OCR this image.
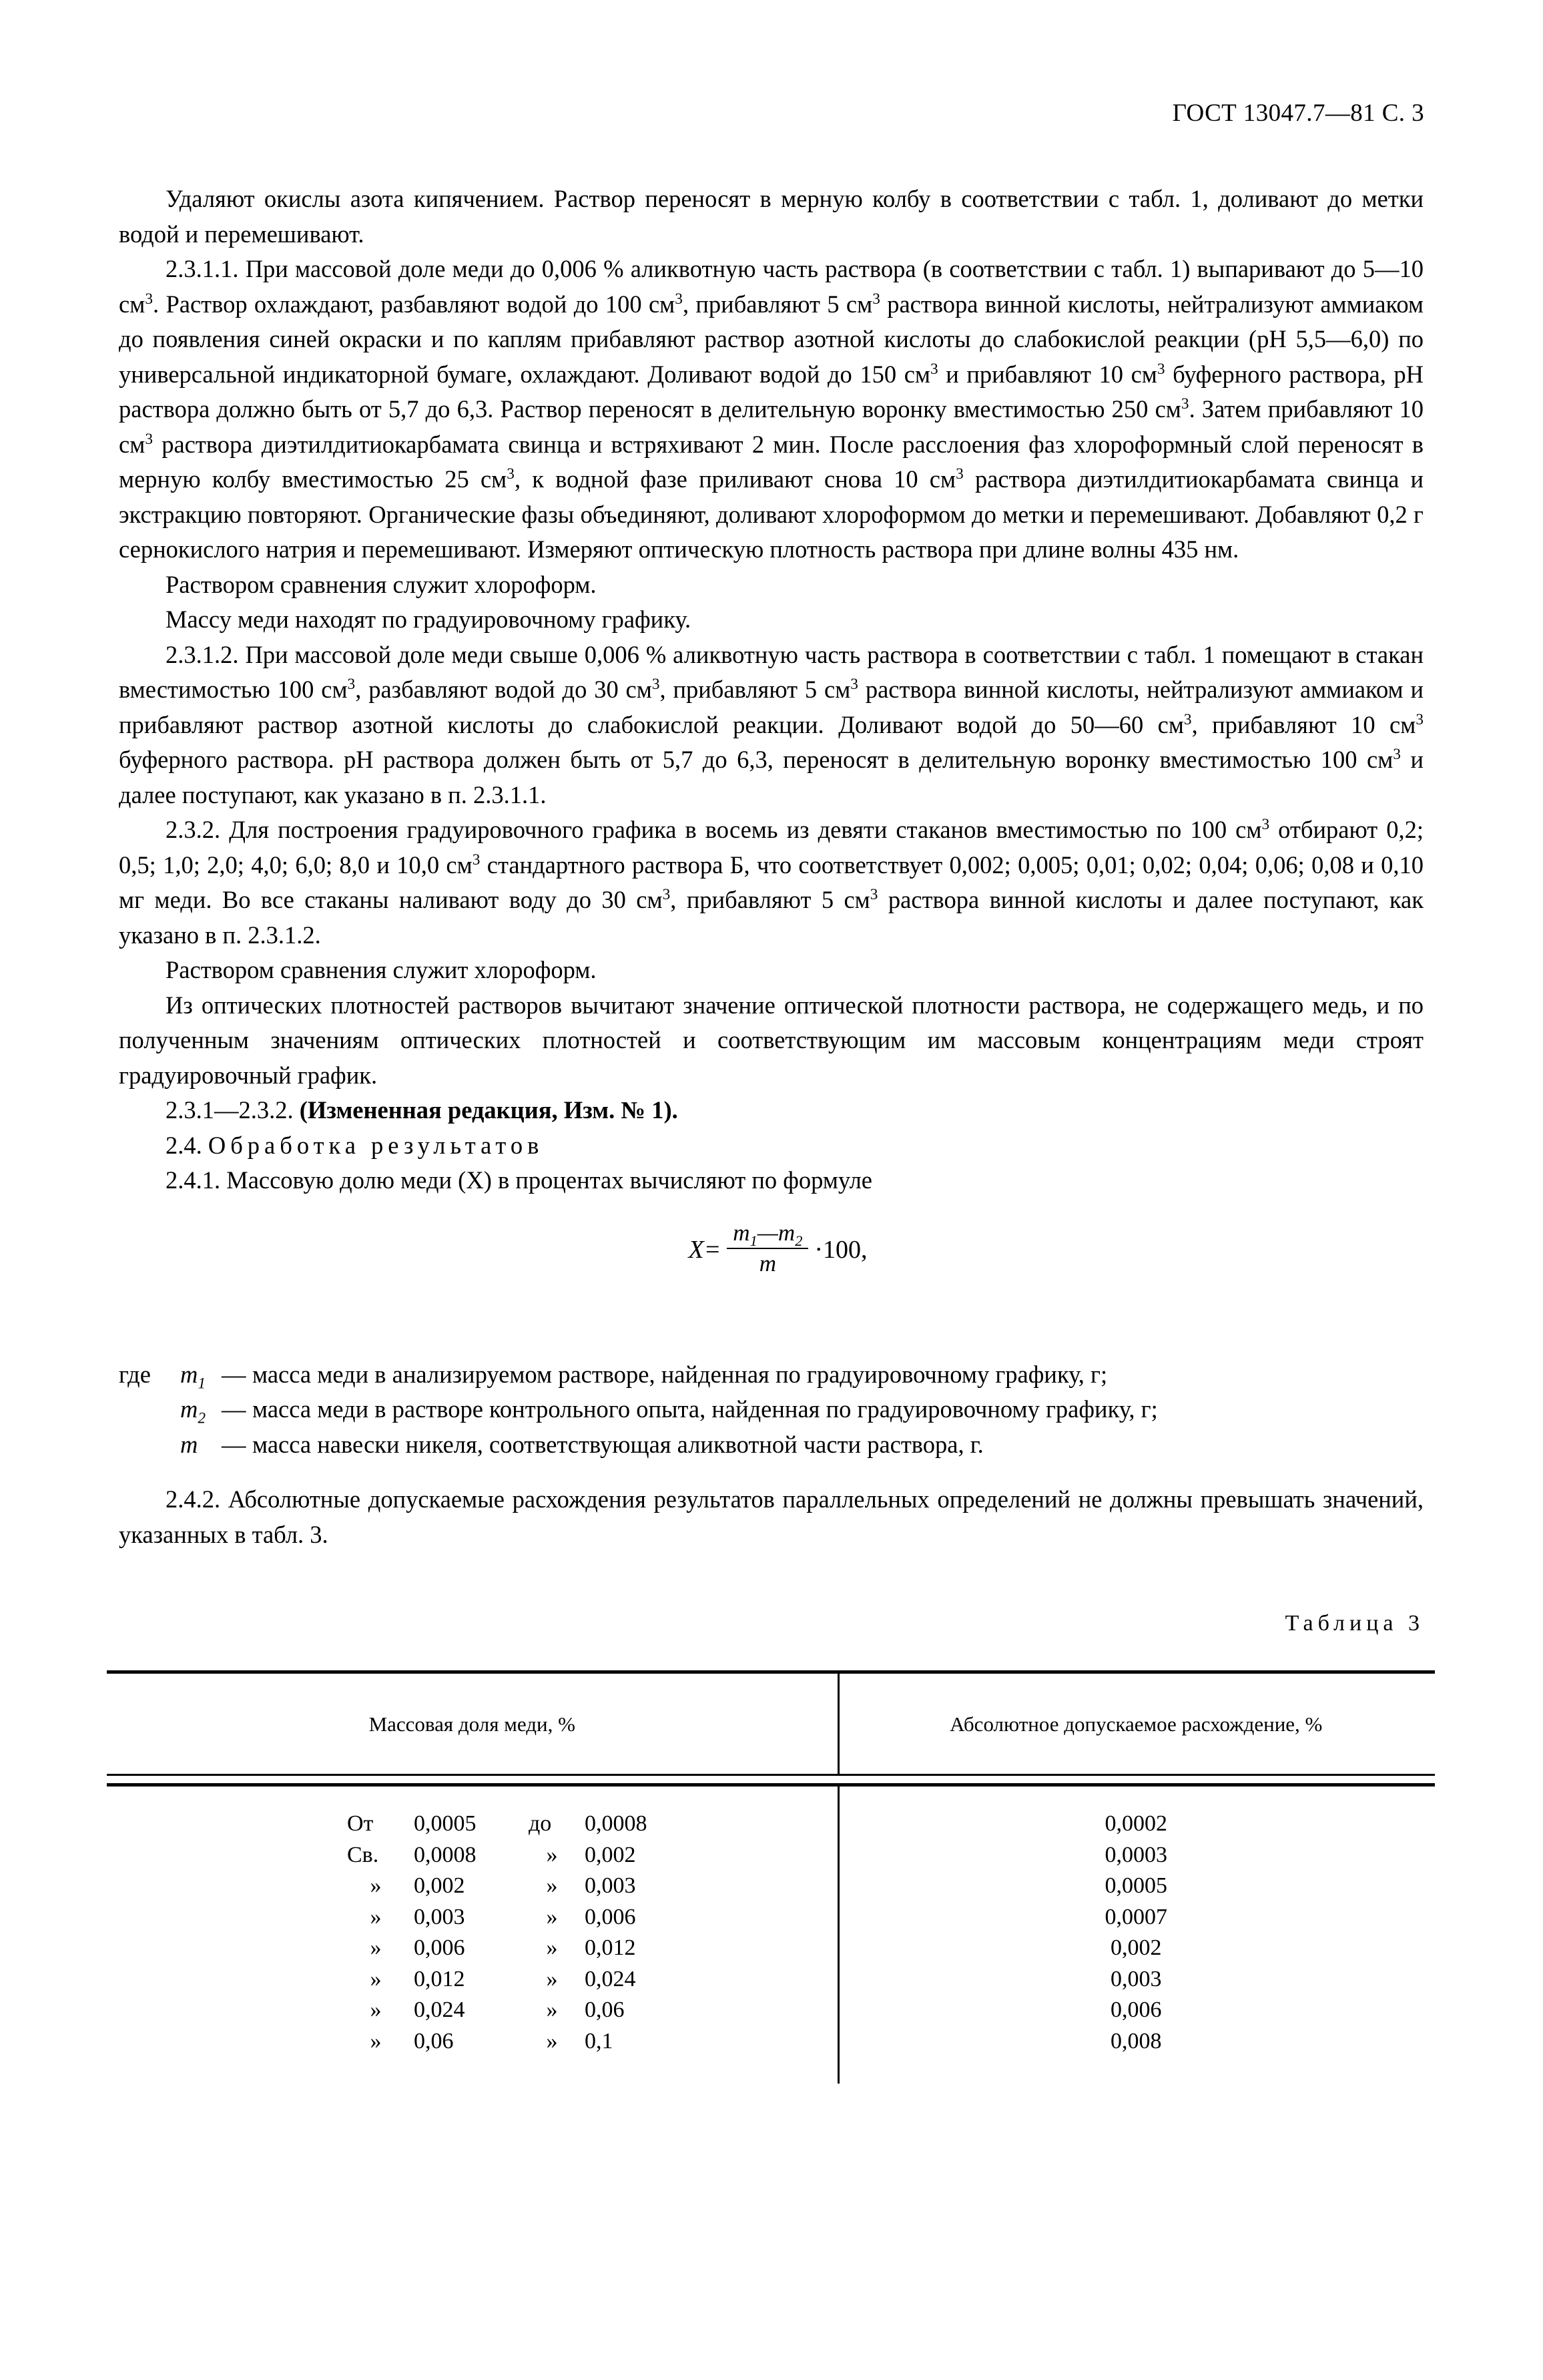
ГОСТ 13047.7—81 С. 3

Удаляют окислы азота кипячением. Раствор переносят в мерную колбу в соответствии с табл. 1, доливают до метки водой и перемешивают.

2.3.1.1. При массовой доле меди до 0,006 % аликвотную часть раствора (в соответствии с табл. 1) выпаривают до 5—10 $см^3$. Раствор охлаждают, разбавляют водой до 100 $см^3$, прибавляют 5 $см^3$ раствора винной кислоты, нейтрализуют аммиаком до появления синей окраски и по каплям прибавляют раствор азотной кислоты до слабокислой реакции (рН 5,5—6,0) по универсальной индикаторной бумаге, охлаждают. Доливают водой до 150 $см^3$ и прибавляют 10 $см^3$ буферного раствора, рН раствора должно быть от 5,7 до 6,3. Раствор переносят в делительную воронку вместимостью 250 $см^3$. Затем прибавляют 10 $см^3$ раствора диэтилдитиокарбамата свинца и встряхивают 2 мин. После расслоения фаз хлороформный слой переносят в мерную колбу вместимостью 25 $см^3$, к водной фазе приливают снова 10 $см^3$ раствора диэтилдитиокарбамата свинца и экстракцию повторяют. Органические фазы объединяют, доливают хлороформом до метки и перемешивают. Добавляют 0,2 г сернокислого натрия и перемешивают. Измеряют оптическую плотность раствора при длине волны 435 нм.

Раствором сравнения служит хлороформ.

Массу меди находят по градуировочному графику.

2.3.1.2. При массовой доле меди свыше 0,006 % аликвотную часть раствора в соответствии с табл. 1 помещают в стакан вместимостью 100 $см^3$, разбавляют водой до 30 $см^3$, прибавляют 5 $см^3$ раствора винной кислоты, нейтрализуют аммиаком и прибавляют раствор азотной кислоты до слабокислой реакции. Доливают водой до 50—60 $см^3$, прибавляют 10 $см^3$ буферного раствора. рН раствора должен быть от 5,7 до 6,3, переносят в делительную воронку вместимостью 100 $см^3$ и далее поступают, как указано в п. 2.3.1.1.

2.3.2. Для построения градуировочного графика в восемь из девяти стаканов вместимостью по 100 $см^3$ отбирают 0,2; 0,5; 1,0; 2,0; 4,0; 6,0; 8,0 и 10,0 $см^3$ стандартного раствора Б, что соответствует 0,002; 0,005; 0,01; 0,02; 0,04; 0,06; 0,08 и 0,10 мг меди. Во все стаканы наливают воду до 30 $см^3$, прибавляют 5 $см^3$ раствора винной кислоты и далее поступают, как указано в п. 2.3.1.2.

Раствором сравнения служит хлороформ.

Из оптических плотностей растворов вычитают значение оптической плотности раствора, не содержащего медь, и по полученным значениям оптических плотностей и соответствующим им массовым концентрациям меди строят градуировочный график.

2.3.1—2.3.2. (Измененная редакция, Изм. № 1).

2.4. Обработка результатов

2.4.1. Массовую долю меди (X) в процентах вычисляют по формуле

$X= \frac{m_1—m_2}{m} \cdot 100$,
где	$m_1$ — масса меди в анализируемом растворе, найденная по градуировочному графику, г;
$m_2$ — масса меди в растворе контрольного опыта, найденная по градуировочному графику, г;
m — масса навески никеля, соответствующая аликвотной части раствора, г.

2.4.2. Абсолютные допускаемые расхождения результатов параллельных определений не должны превышать значений, указанных в табл. 3.

Таблица 3
Массовая доля меди, %	Абсолютное допускаемое расхождение, %
От	0,0005	до	0,0008	0,0002
Св.	0,0008	»	0,002	0,0003
»	0,002	»	0,003	0,0005
»	0,003	»	0,006	0,0007
»	0,006	»	0,012	0,002
»	0,012	»	0,024	0,003
»	0,024	»	0,06	0,006
»	0,06	»	0,1	0,008
